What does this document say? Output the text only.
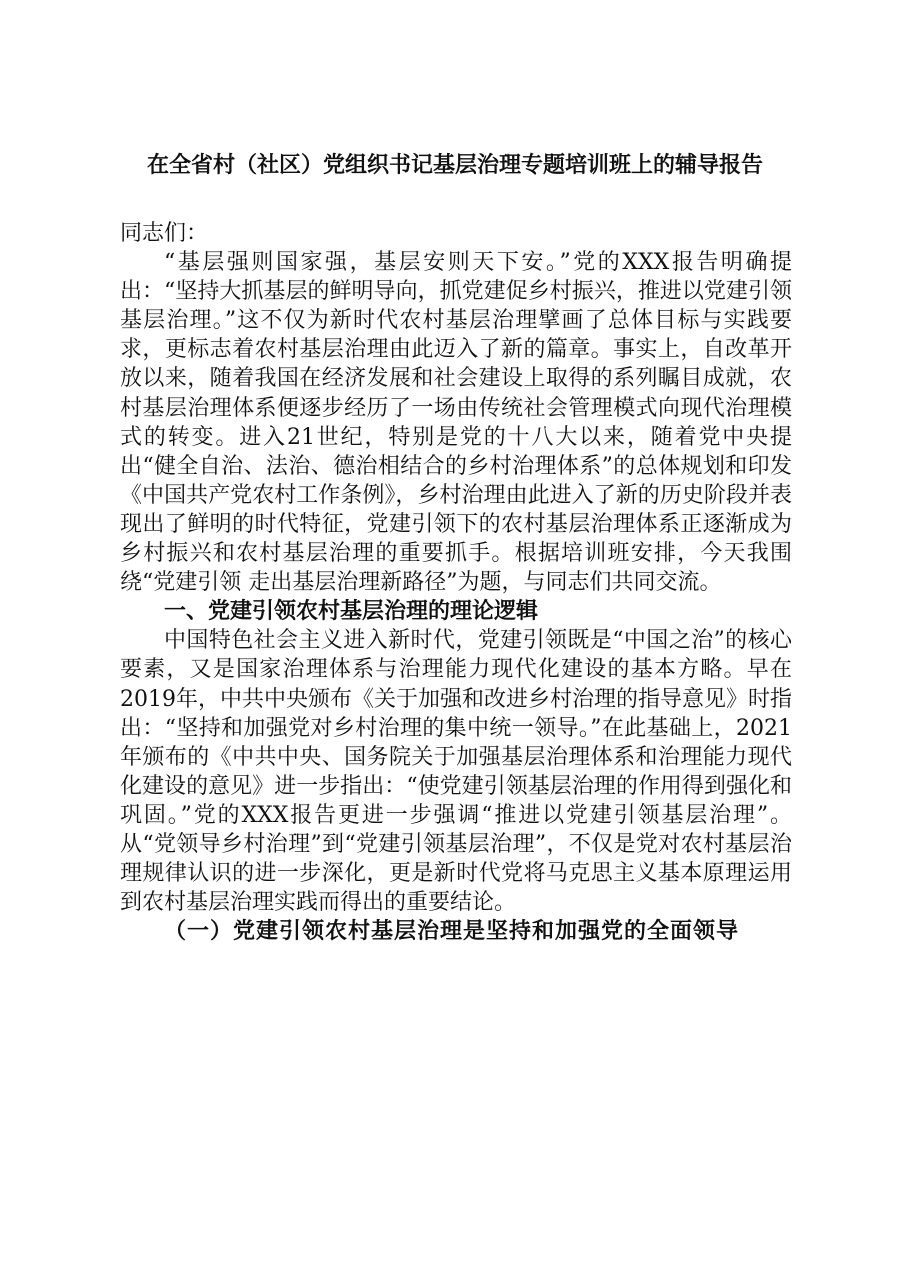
在全省村（社区）党组织书记基层治理专题培训班上的辅导报告

同志们：

“基层强则国家强，基层安则天下安。”党的XXX报告明确提出：“坚持大抓基层的鲜明导向，抓党建促乡村振兴，推进以党建引领基层治理。”这不仅为新时代农村基层治理擘画了总体目标与实践要求，更标志着农村基层治理由此迈入了新的篇章。事实上，自改革开放以来，随着我国在经济发展和社会建设上取得的系列瞩目成就，农村基层治理体系便逐步经历了一场由传统社会管理模式向现代治理模式的转变。进入21世纪，特别是党的十八大以来，随着党中央提出“健全自治、法治、德治相结合的乡村治理体系”的总体规划和印发《中国共产党农村工作条例》，乡村治理由此进入了新的历史阶段并表现出了鲜明的时代特征，党建引领下的农村基层治理体系正逐渐成为乡村振兴和农村基层治理的重要抓手。根据培训班安排，今天我围绕“党建引领 走出基层治理新路径”为题，与同志们共同交流。

一、党建引领农村基层治理的理论逻辑

中国特色社会主义进入新时代，党建引领既是“中国之治”的核心要素，又是国家治理体系与治理能力现代化建设的基本方略。早在2019年，中共中央颁布《关于加强和改进乡村治理的指导意见》时指出：“坚持和加强党对乡村治理的集中统一领导。”在此基础上，2021年颁布的《中共中央、国务院关于加强基层治理体系和治理能力现代化建设的意见》进一步指出：“使党建引领基层治理的作用得到强化和巩固。”党的XXX报告更进一步强调“推进以党建引领基层治理”。从“党领导乡村治理”到“党建引领基层治理”，不仅是党对农村基层治理规律认识的进一步深化，更是新时代党将马克思主义基本原理运用到农村基层治理实践而得出的重要结论。

（一）党建引领农村基层治理是坚持和加强党的全面领导
